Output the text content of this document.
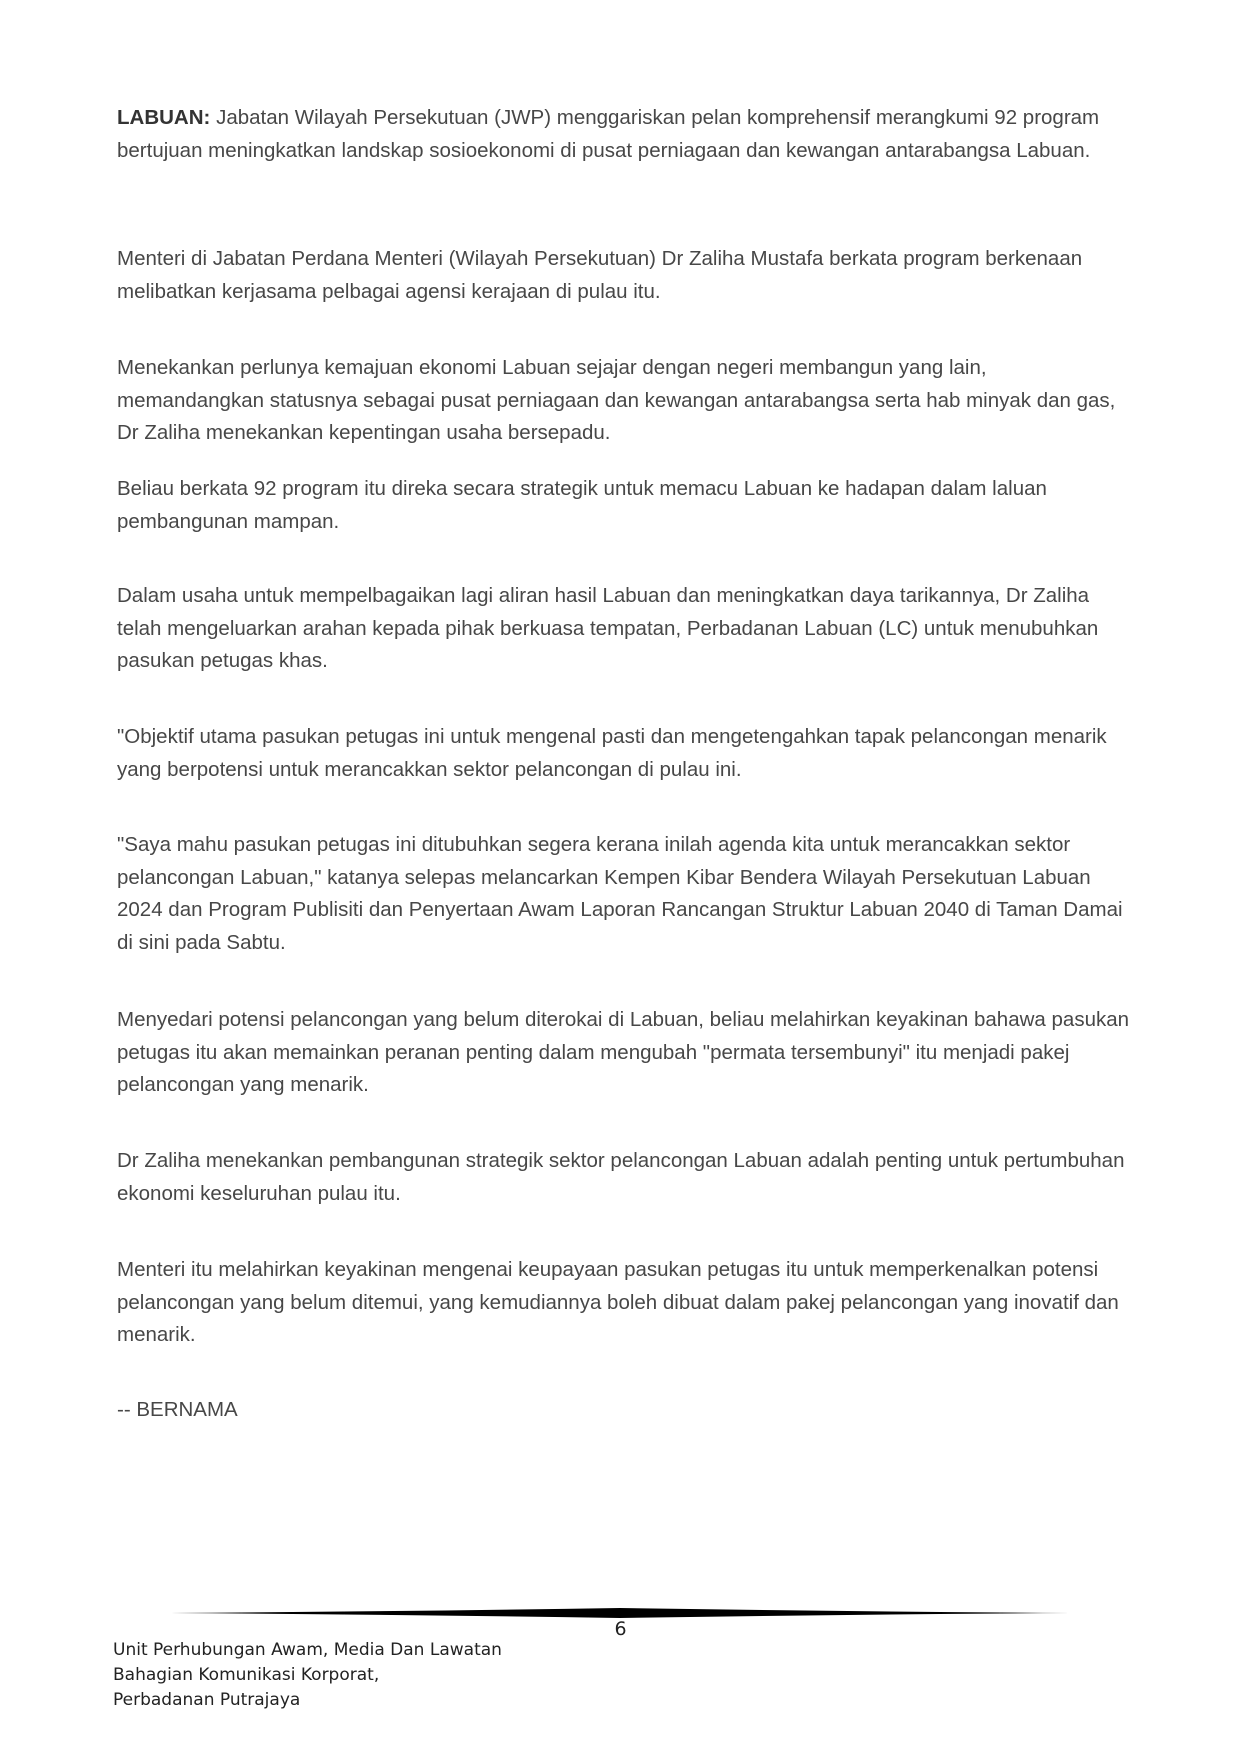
LABUAN: Jabatan Wilayah Persekutuan (JWP) menggariskan pelan komprehensif merangkumi 92 program bertujuan meningkatkan landskap sosioekonomi di pusat perniagaan dan kewangan antarabangsa Labuan.

Menteri di Jabatan Perdana Menteri (Wilayah Persekutuan) Dr Zaliha Mustafa berkata program berkenaan melibatkan kerjasama pelbagai agensi kerajaan di pulau itu.

Menekankan perlunya kemajuan ekonomi Labuan sejajar dengan negeri membangun yang lain, memandangkan statusnya sebagai pusat perniagaan dan kewangan antarabangsa serta hab minyak dan gas, Dr Zaliha menekankan kepentingan usaha bersepadu.

Beliau berkata 92 program itu direka secara strategik untuk memacu Labuan ke hadapan dalam laluan pembangunan mampan.

Dalam usaha untuk mempelbagaikan lagi aliran hasil Labuan dan meningkatkan daya tarikannya, Dr Zaliha telah mengeluarkan arahan kepada pihak berkuasa tempatan, Perbadanan Labuan (LC) untuk menubuhkan pasukan petugas khas.

"Objektif utama pasukan petugas ini untuk mengenal pasti dan mengetengahkan tapak pelancongan menarik yang berpotensi untuk merancakkan sektor pelancongan di pulau ini.

"Saya mahu pasukan petugas ini ditubuhkan segera kerana inilah agenda kita untuk merancakkan sektor pelancongan Labuan," katanya selepas melancarkan Kempen Kibar Bendera Wilayah Persekutuan Labuan 2024 dan Program Publisiti dan Penyertaan Awam Laporan Rancangan Struktur Labuan 2040 di Taman Damai di sini pada Sabtu.

Menyedari potensi pelancongan yang belum diterokai di Labuan, beliau melahirkan keyakinan bahawa pasukan petugas itu akan memainkan peranan penting dalam mengubah "permata tersembunyi" itu menjadi pakej pelancongan yang menarik.

Dr Zaliha menekankan pembangunan strategik sektor pelancongan Labuan adalah penting untuk pertumbuhan ekonomi keseluruhan pulau itu.

Menteri itu melahirkan keyakinan mengenai keupayaan pasukan petugas itu untuk memperkenalkan potensi pelancongan yang belum ditemui, yang kemudiannya boleh dibuat dalam pakej pelancongan yang inovatif dan menarik.

-- BERNAMA

6
Unit Perhubungan Awam, Media Dan Lawatan
Bahagian Komunikasi Korporat,
Perbadanan Putrajaya
